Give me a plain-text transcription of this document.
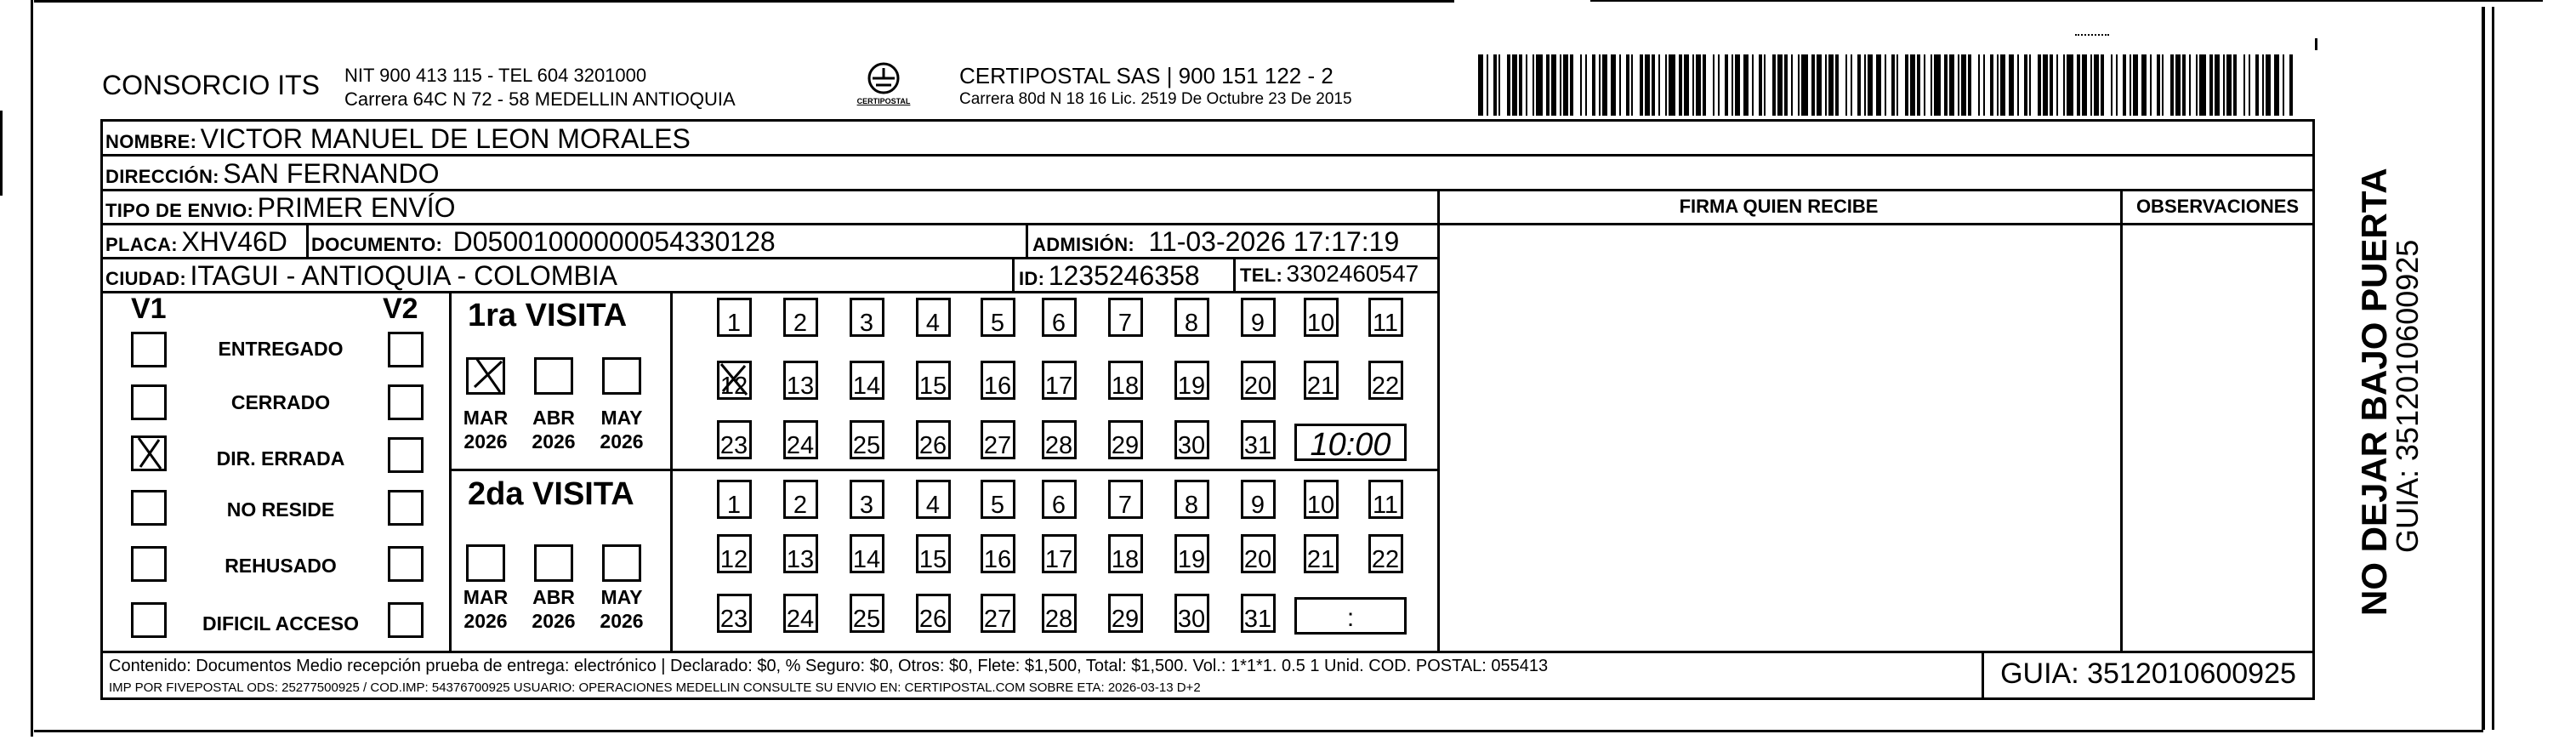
CONSORCIO ITS NIT 900 413 115 - TEL 604 3201000
Carrera 64C N 72 - 58 MEDELLIN ANTIOQUIA	CERTIPOSTAL
CERTIPOSTAL SAS | 900 151 122 - 2
Carrera 80d N 18 16 Lic. 2519 De Octubre 23 De 2015
NOMBRE: VICTOR MANUEL DE LEON MORALES
DIRECCIÓN: SAN FERNANDO
TIPO DE ENVIO: PRIMER ENVÍO	FIRMA QUIEN RECIBE	OBSERVACIONES
PLACA: XHV46D DOCUMENTO: D05001000000054330128	ADMISIÓN: 11-03-2026 17:17:19
CIUDAD: ITAGUI - ANTIOQUIA - COLOMBIA	ID: 1235246358 TEL: 3302460547
V1	V2
ENTREGADO
CERRADO
DIR. ERRADA
NO RESIDE
REHUSADO
DIFICIL ACCESO
1ra VISITA
MAR
2026
ABR
2026
MAY
2026
1 2 3 4 5 6 7 8 9 10 11
12 13 14 15 16 17 18 19 20 21 22
23 24 25 26 27 28 29 30 31 10:00
2da VISITA
MAR
2026
ABR
2026
MAY
2026
1 2 3 4 5 6 7 8 9 10 11
12 13 14 15 16 17 18 19 20 21 22
23 24 25 26 27 28 29 30 31	:
Contenido: Documentos Medio recepción prueba de entrega: electrónico | Declarado: $0, % Seguro: $0, Otros: $0, Flete: $1,500, Total: $1,500. Vol.: 1*1*1. 0.5 1 Unid. COD. POSTAL: 055413
IMP POR FIVEPOSTAL ODS: 25277500925 / COD.IMP: 54376700925 USUARIO: OPERACIONES MEDELLIN CONSULTE SU ENVIO EN: CERTIPOSTAL.COM SOBRE ETA: 2026-03-13 D+2	GUIA: 3512010600925
NO DEJAR BAJO PUERTA
GUIA: 3512010600925
